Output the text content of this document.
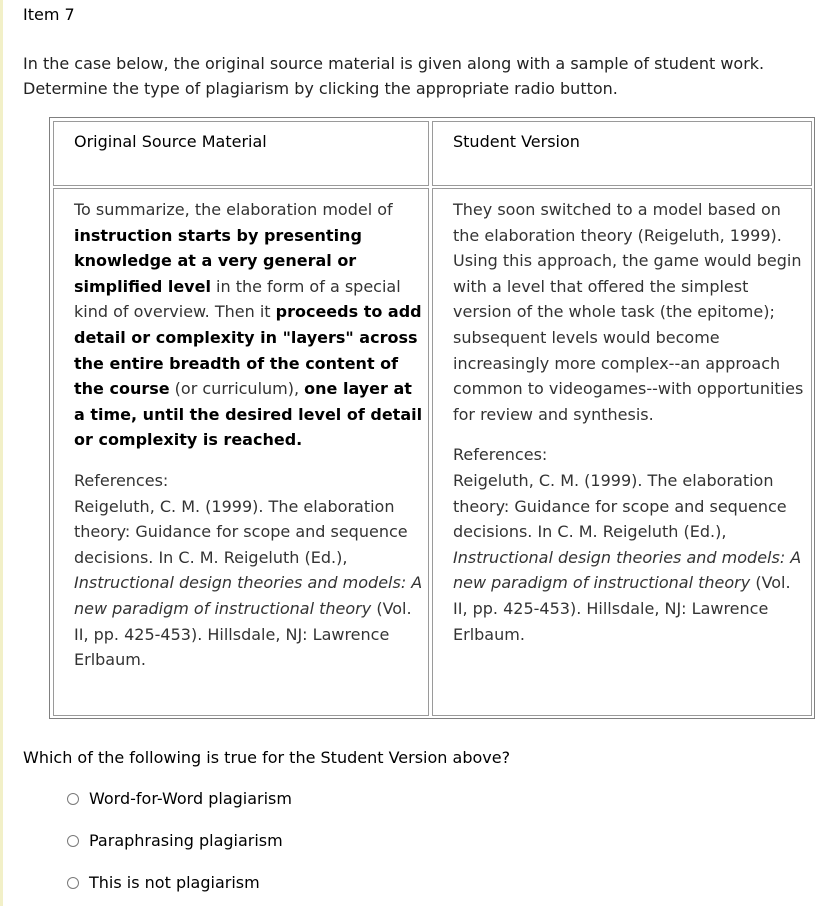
Item 7

In the case below, the original source material is given along with a sample of student work.

Determine the type of plagiarism by clicking the appropriate radio button.

Original Source Material	Student Version

To summarize, the elaboration model of instruction starts by presenting knowledge at a very general or simplified level in the form of a special kind of overview. Then it proceeds to add detail or complexity in "layers" across the entire breadth of the content of the course (or curriculum), one layer at a time, until the desired level of detail or complexity is reached.

References:

Reigeluth, C. M. (1999). The elaboration theory: Guidance for scope and sequence decisions. In C. M. Reigeluth (Ed.), Instructional design theories and models: A new paradigm of instructional theory (Vol. II, pp. 425-453). Hillsdale, NJ: Lawrence Erlbaum.

They soon switched to a model based on the elaboration theory (Reigeluth, 1999). Using this approach, the game would begin with a level that offered the simplest version of the whole task (the epitome); subsequent levels would become increasingly more complex--an approach common to videogames--with opportunities for review and synthesis.

References:

Reigeluth, C. M. (1999). The elaboration theory: Guidance for scope and sequence decisions. In C. M. Reigeluth (Ed.), Instructional design theories and models: A new paradigm of instructional theory (Vol. II, pp. 425-453). Hillsdale, NJ: Lawrence Erlbaum.

Which of the following is true for the Student Version above?
Word-for-Word plagiarism
Paraphrasing plagiarism
This is not plagiarism
